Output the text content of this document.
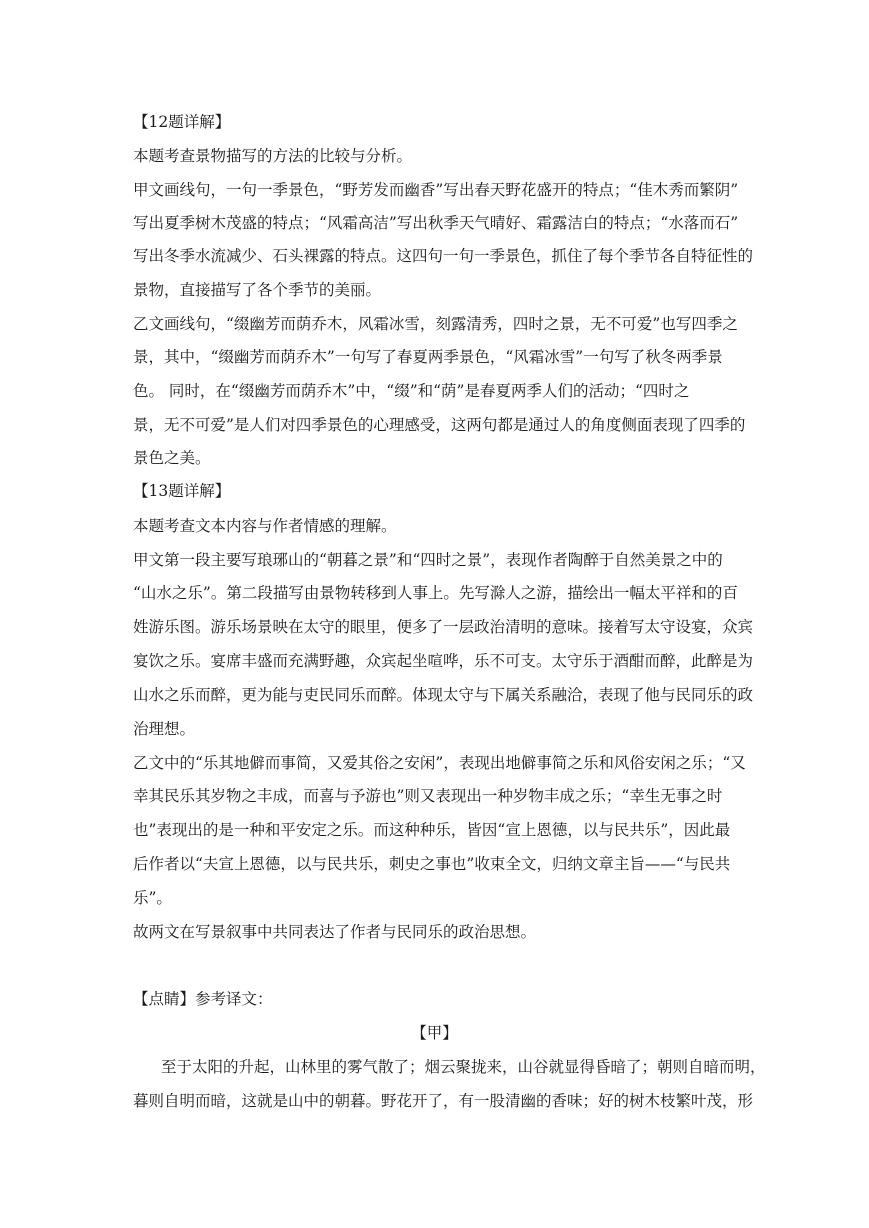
【12题详解】
本题考查景物描写的方法的比较与分析。
甲文画线句，一句一季景色，“野芳发而幽香”写出春天野花盛开的特点；“佳木秀而繁阴”
写出夏季树木茂盛的特点；“风霜高洁”写出秋季天气晴好、霜露洁白的特点；“水落而石”
写出冬季水流减少、石头裸露的特点。这四句一句一季景色，抓住了每个季节各自特征性的
景物，直接描写了各个季节的美丽。
乙文画线句，“缀幽芳而荫乔木，风霜冰雪，刻露清秀，四时之景，无不可爱”也写四季之
景，其中，“缀幽芳而荫乔木”一句写了春夏两季景色，“风霜冰雪”一句写了秋冬两季景
色。 同时，在“缀幽芳而荫乔木”中，“缀”和“荫”是春夏两季人们的活动；“四时之
景，无不可爱”是人们对四季景色的心理感受，这两句都是通过人的角度侧面表现了四季的
景色之美。
【13题详解】
本题考查文本内容与作者情感的理解。
甲文第一段主要写琅琊山的“朝暮之景”和“四时之景”，表现作者陶醉于自然美景之中的
“山水之乐”。第二段描写由景物转移到人事上。先写滁人之游，描绘出一幅太平祥和的百
姓游乐图。游乐场景映在太守的眼里，便多了一层政治清明的意味。接着写太守设宴，众宾
宴饮之乐。宴席丰盛而充满野趣，众宾起坐喧哗，乐不可支。太守乐于酒酣而醉，此醉是为
山水之乐而醉，更为能与吏民同乐而醉。体现太守与下属关系融洽，表现了他与民同乐的政
治理想。
乙文中的“乐其地僻而事简，又爱其俗之安闲”，表现出地僻事简之乐和风俗安闲之乐；“又
幸其民乐其岁物之丰成，而喜与予游也”则又表现出一种岁物丰成之乐；“幸生无事之时
也”表现出的是一种和平安定之乐。而这种种乐，皆因“宣上恩德，以与民共乐”，因此最
后作者以“夫宣上恩德，以与民共乐，刺史之事也”收束全文，归纳文章主旨——“与民共
乐”。
故两文在写景叙事中共同表达了作者与民同乐的政治思想。
【点睛】参考译文：
【甲】
至于太阳的升起，山林里的雾气散了；烟云聚拢来，山谷就显得昏暗了；朝则自暗而明，
暮则自明而暗，这就是山中的朝暮。野花开了，有一股清幽的香味；好的树木枝繁叶茂，形
